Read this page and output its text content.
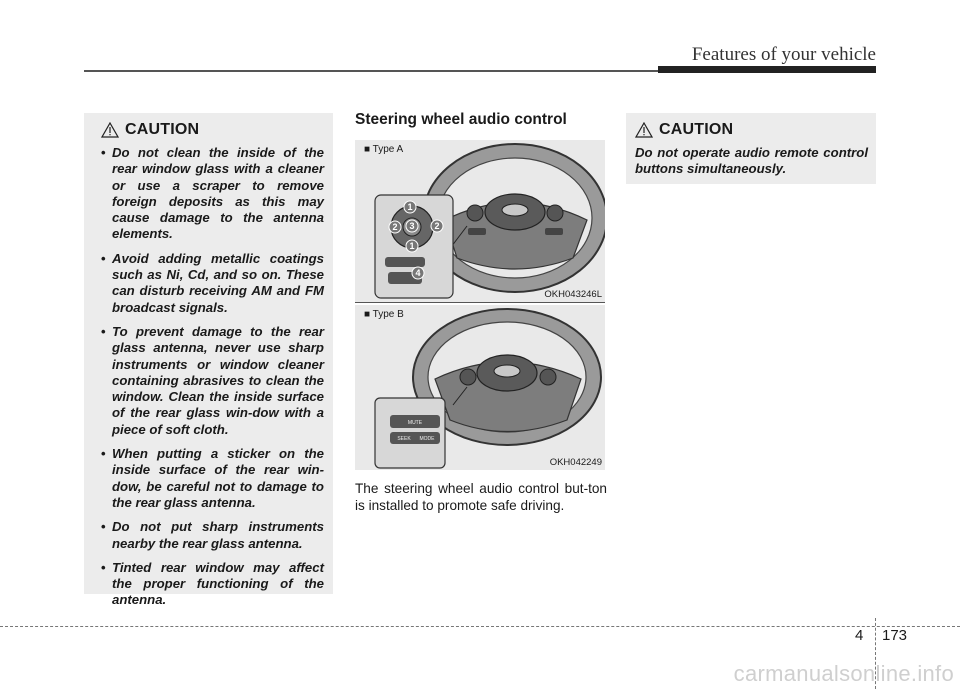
Features of your vehicle
CAUTION
• Do not clean the inside of the rear window glass with a cleaner or use a scraper to remove foreign deposits as this may cause damage to the antenna elements.
• Avoid adding metallic coatings such as Ni, Cd, and so on. These can disturb receiving AM and FM broadcast signals.
• To prevent damage to the rear glass antenna, never use sharp instruments or window cleaner containing abrasives to clean the window. Clean the inside surface of the rear glass win-dow with a piece of soft cloth.
• When putting a sticker on the inside surface of the rear win-dow, be careful not to damage to the rear glass antenna.
• Do not put sharp instruments nearby the rear glass antenna.
• Tinted rear window may affect the proper functioning of the antenna.
Steering wheel audio control
1
2 3 2
1
4
■ Type A
OKH043246L
MUTE
SEEK MODE
■ Type B
OKH042249
The steering wheel audio control but-ton is installed to promote safe driving.
CAUTION
Do not operate audio remote control buttons simultaneously.
4 173
carmanualsonline.info
